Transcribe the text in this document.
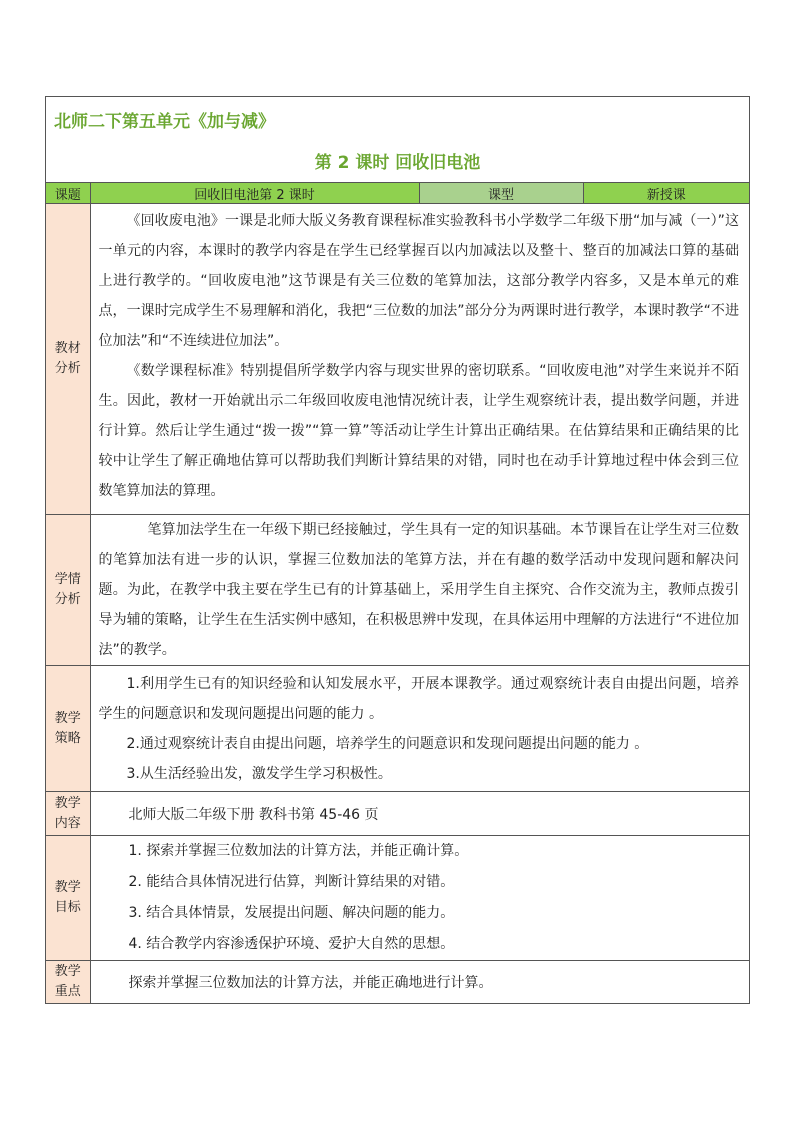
北师二下第五单元《加与减》
第 2 课时 回收旧电池
课题	回收旧电池第 2 课时	课型	新授课
教材分析	《回收废电池》一课是北师大版义务教育课程标准实验教科书小学数学二年级下册“加与减（一）”这一单元的内容，本课时的教学内容是在学生已经掌握百以内加减法以及整十、整百的加减法口算的基础上进行教学的。“回收废电池”这节课是有关三位数的笔算加法，这部分教学内容多，又是本单元的难点，一课时完成学生不易理解和消化，我把“三位数的加法”部分分为两课时进行教学，本课时教学“不进位加法”和“不连续进位加法”。

《数学课程标准》特别提倡所学数学内容与现实世界的密切联系。“回收废电池”对学生来说并不陌生。因此，教材一开始就出示二年级回收废电池情况统计表，让学生观察统计表，提出数学问题，并进行计算。然后让学生通过“拨一拨”“算一算”等活动让学生计算出正确结果。在估算结果和正确结果的比较中让学生了解正确地估算可以帮助我们判断计算结果的对错，同时也在动手计算地过程中体会到三位数笔算加法的算理。		

学情分析	笔算加法学生在一年级下期已经接触过，学生具有一定的知识基础。本节课旨在让学生对三位数的笔算加法有进一步的认识，掌握三位数加法的笔算方法，并在有趣的数学活动中发现问题和解决问题。为此，在教学中我主要在学生已有的计算基础上，采用学生自主探究、合作交流为主，教师点拨引导为辅的策略，让学生在生活实例中感知，在积极思辨中发现，在具体运用中理解的方法进行“不进位加法”的教学。		

教学策略	1.利用学生已有的知识经验和认知发展水平，开展本课教学。通过观察统计表自由提出问题，培养学生的问题意识和发现问题提出问题的能力 。

2.通过观察统计表自由提出问题，培养学生的问题意识和发现问题提出问题的能力 。

3.从生活经验出发，激发学生学习积极性。		

教学内容	北师大版二年级下册 教科书第 45-46 页		
教学目标	1. 探索并掌握三位数加法的计算方法，并能正确计算。

2. 能结合具体情况进行估算，判断计算结果的对错。

3. 结合具体情景，发展提出问题、解决问题的能力。

4. 结合教学内容渗透保护环境、爱护大自然的思想。		

教学重点	探索并掌握三位数加法的计算方法，并能正确地进行计算。		
